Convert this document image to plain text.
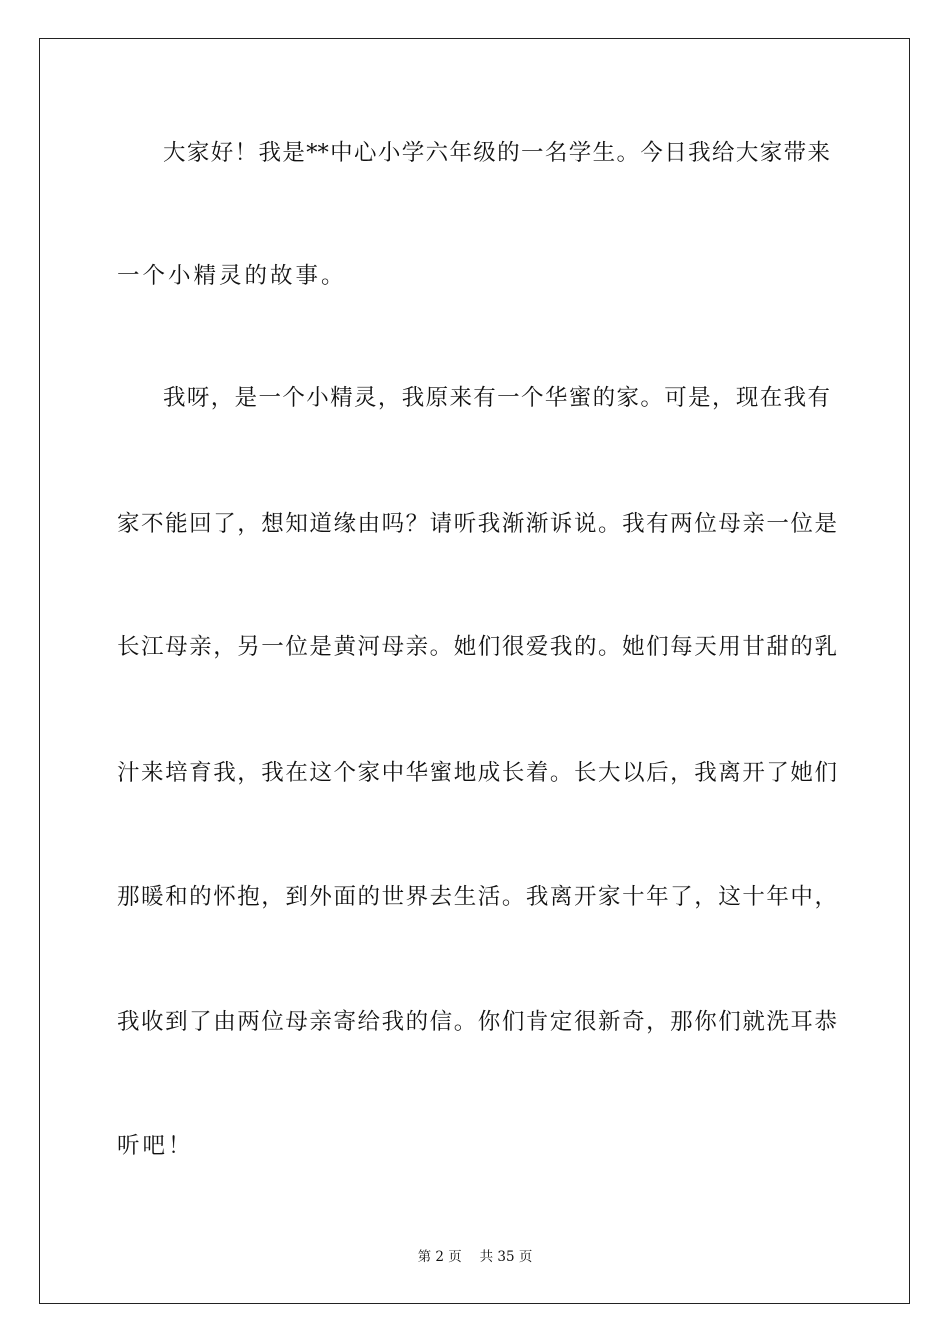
大家好！我是**中心小学六年级的一名学生。今日我给大家带来
一个小精灵的故事。
我呀，是一个小精灵，我原来有一个华蜜的家。可是，现在我有
家不能回了，想知道缘由吗？请听我渐渐诉说。我有两位母亲一位是
长江母亲，另一位是黄河母亲。她们很爱我的。她们每天用甘甜的乳
汁来培育我，我在这个家中华蜜地成长着。长大以后，我离开了她们
那暖和的怀抱，到外面的世界去生活。我离开家十年了，这十年中，
我收到了由两位母亲寄给我的信。你们肯定很新奇，那你们就洗耳恭
听吧！
第 2 页　 共 35 页
